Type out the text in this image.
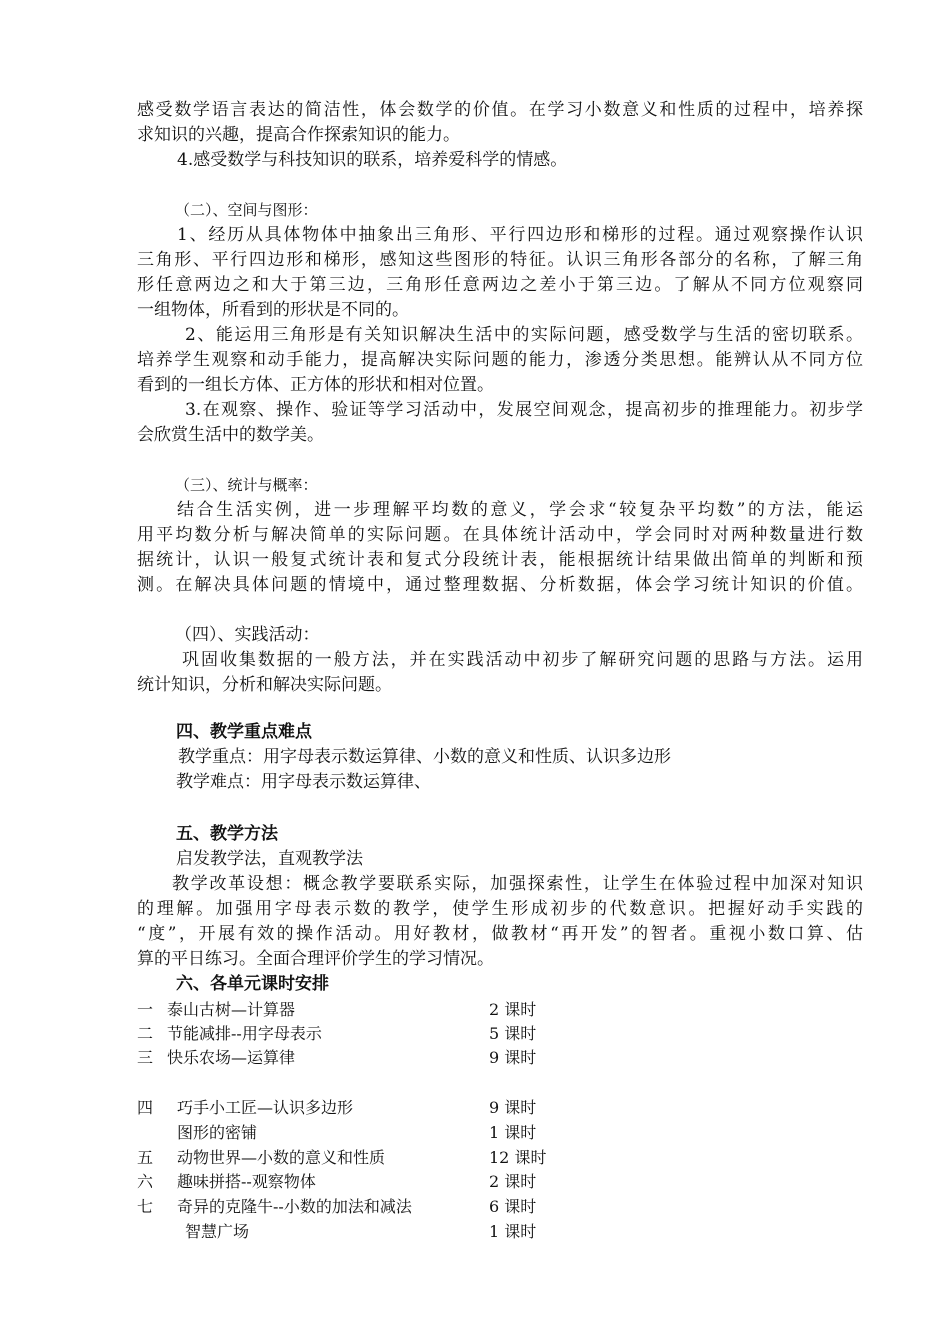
感受数学语言表达的简洁性，体会数学的价值。在学习小数意义和性质的过程中，培养探
求知识的兴趣，提高合作探索知识的能力。
4.感受数学与科技知识的联系，培养爱科学的情感。
（二）、空间与图形：
1、经历从具体物体中抽象出三角形、平行四边形和梯形的过程。通过观察操作认识
三角形、平行四边形和梯形，感知这些图形的特征。认识三角形各部分的名称，了解三角
形任意两边之和大于第三边，三角形任意两边之差小于第三边。了解从不同方位观察同
一组物体，所看到的形状是不同的。
2、能运用三角形是有关知识解决生活中的实际问题，感受数学与生活的密切联系。
培养学生观察和动手能力，提高解决实际问题的能力，渗透分类思想。能辨认从不同方位
看到的一组长方体、正方体的形状和相对位置。
3.在观察、操作、验证等学习活动中，发展空间观念，提高初步的推理能力。初步学
会欣赏生活中的数学美。
（三）、统计与概率：
结合生活实例，进一步理解平均数的意义，学会求“较复杂平均数”的方法，能运
用平均数分析与解决简单的实际问题。在具体统计活动中，学会同时对两种数量进行数
据统计，认识一般复式统计表和复式分段统计表，能根据统计结果做出简单的判断和预
测。在解决具体问题的情境中，通过整理数据、分析数据，体会学习统计知识的价值。
（四）、实践活动：
巩固收集数据的一般方法，并在实践活动中初步了解研究问题的思路与方法。运用
统计知识，分析和解决实际问题。
四、教学重点难点
教学重点：用字母表示数运算律、小数的意义和性质、认识多边形
教学难点：用字母表示数运算律、
五、教学方法
启发教学法，直观教学法
教学改革设想：概念教学要联系实际，加强探索性，让学生在体验过程中加深对知识
的理解。加强用字母表示数的教学，使学生形成初步的代数意识。把握好动手实践的
“度”，开展有效的操作活动。用好教材，做教材“再开发”的智者。重视小数口算、估
算的平日练习。全面合理评价学生的学习情况。
六、各单元课时安排
一 泰山古树—计算器	2 课时
二 节能减排--用字母表示	5 课时
三 快乐农场—运算律	9 课时
四 巧手小工匠—认识多边形	9 课时
图形的密铺	1 课时
五 动物世界—小数的意义和性质	12 课时
六 趣味拼搭--观察物体	2 课时
七 奇异的克隆牛--小数的加法和减法	6 课时
智慧广场	1 课时
